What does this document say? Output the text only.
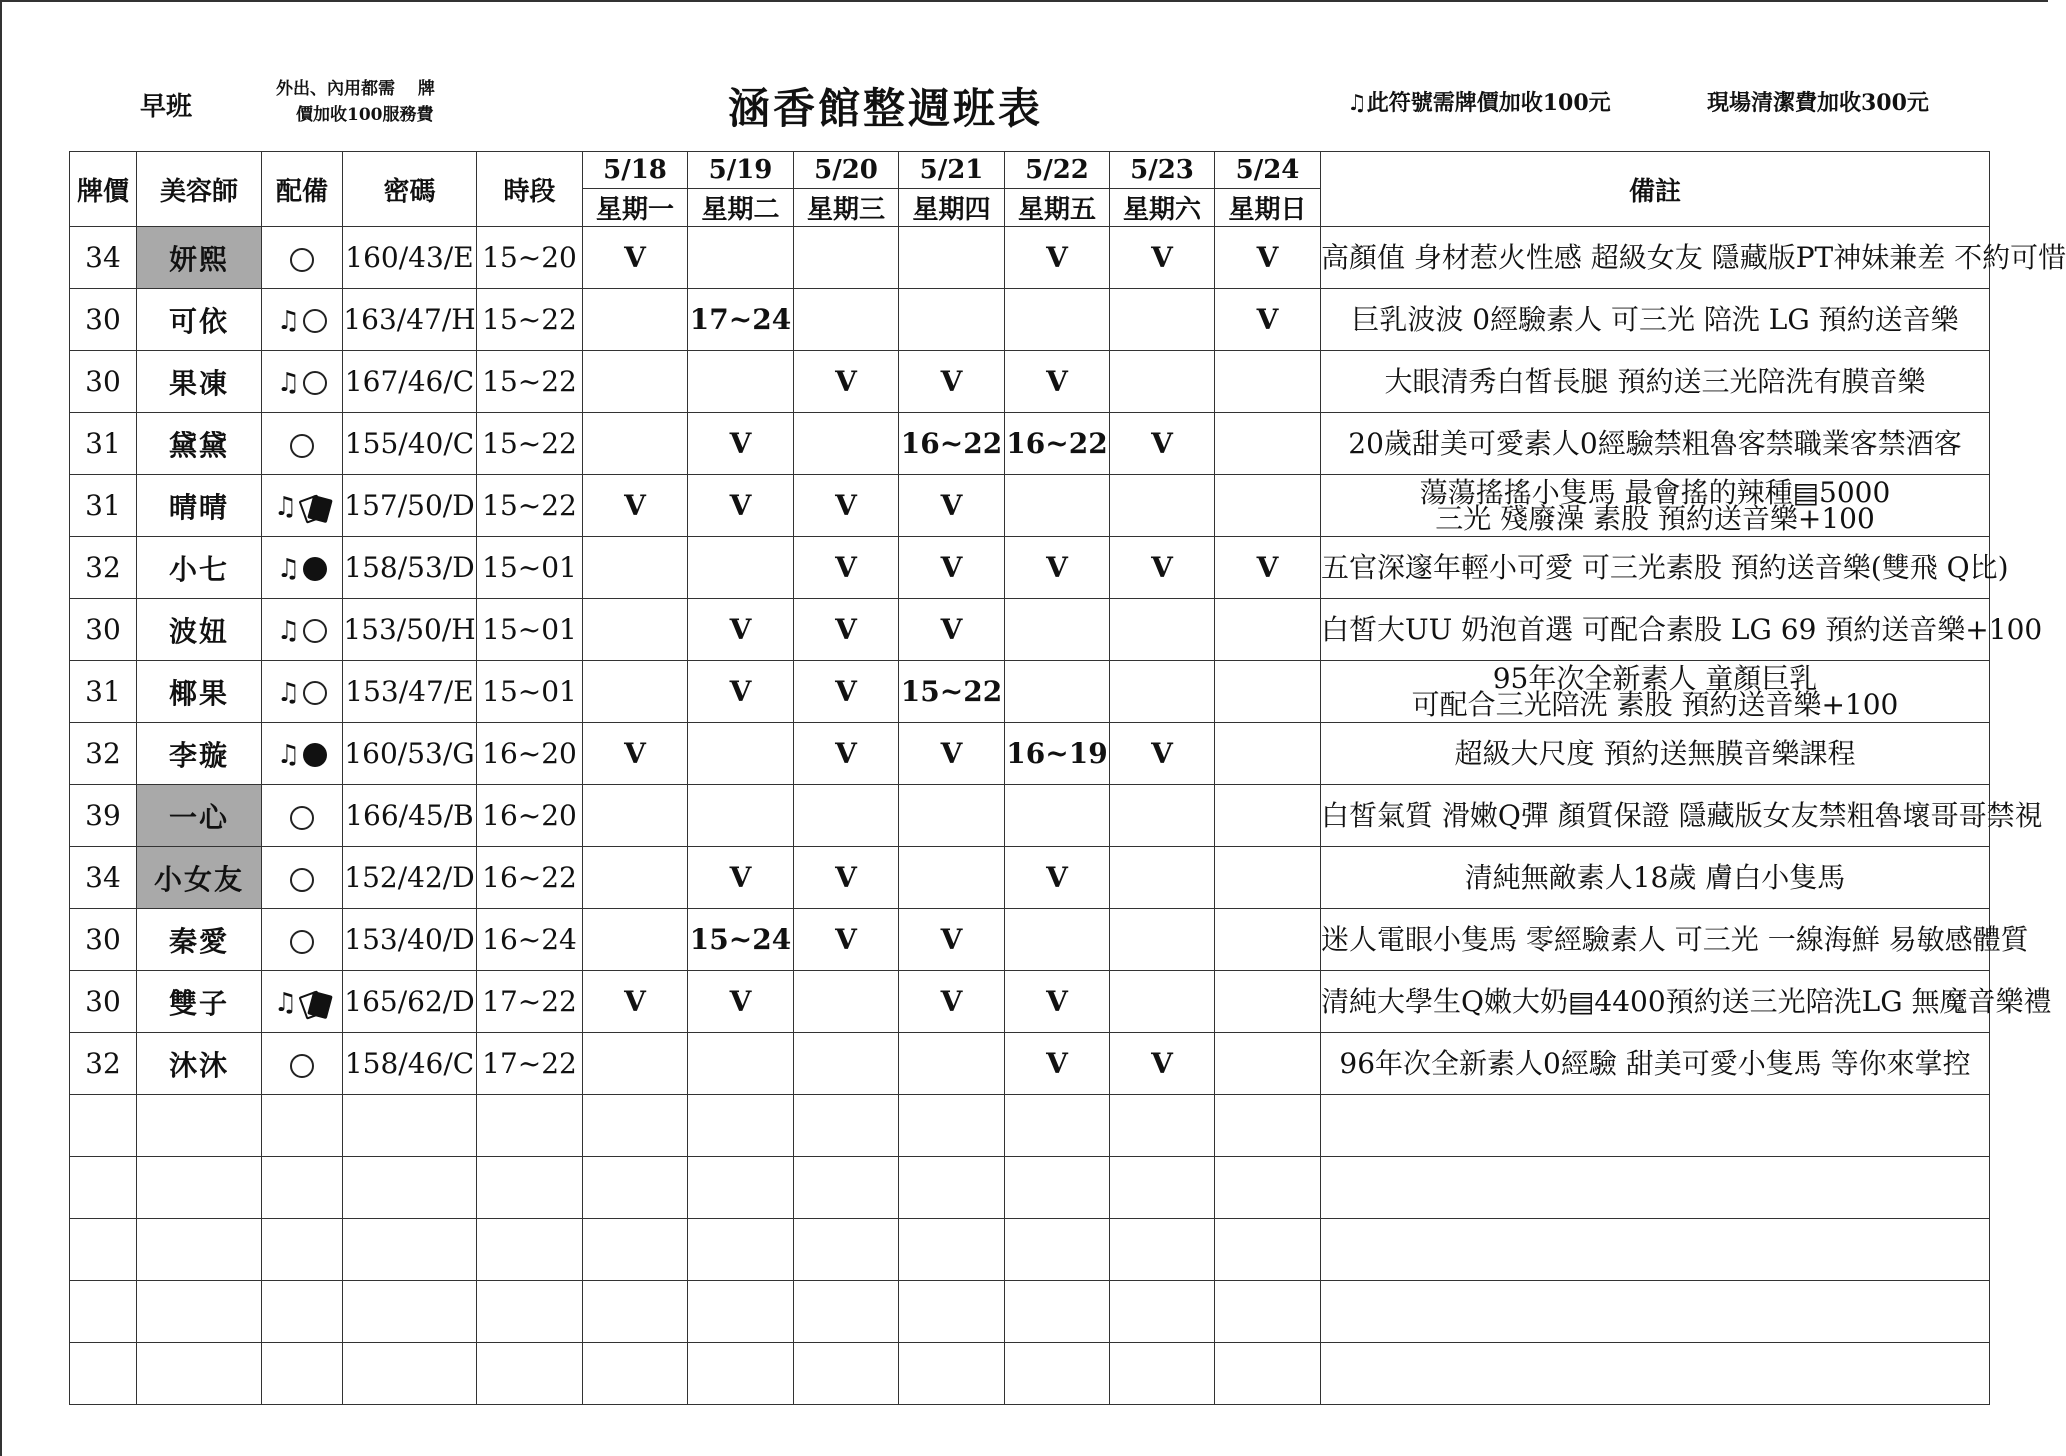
早班
外出、內用都需　 牌
價加收100服務費	涵香館整週班表	♫此符號需牌價加收100元	現場清潔費加收300元
牌價	美容師	配備	密碼	時段	5/18	5/19	5/20	5/21	5/22	5/23	5/24	備註
					星期一	星期二	星期三	星期四	星期五	星期六	星期日	
34	妍熙		160/43/E	15~20	V				V	V	V	高顏值 身材惹火性感 超級女友 隱藏版PT神妹兼差 不約可惜

30	可依	♫	163/47/H	15~22		17~24					V	巨乳波波 0經驗素人 可三光 陪洗 LG 預約送音樂

30	果凍	♫	167/46/C	15~22			V	V	V			大眼清秀白皙長腿 預約送三光陪洗有膜音樂

31	黛黛		155/40/C	15~22		V		16~22	16~22	V		20歲甜美可愛素人0經驗禁粗魯客禁職業客禁酒客

31	晴晴	♫	157/50/D	15~22	V	V	V	V				蕩蕩搖搖小隻馬 最會搖的辣種▤5000
三光 殘廢澡 素股 預約送音樂+100

32	小七	♫	158/53/D	15~01			V	V	V	V	V	五官深邃年輕小可愛 可三光素股 預約送音樂(雙飛 Q比)

30	波妞	♫	153/50/H	15~01		V	V	V				白皙大UU 奶泡首選 可配合素股 LG 69 預約送音樂+100

31	椰果	♫	153/47/E	15~01		V	V	15~22				95年次全新素人 童顏巨乳
可配合三光陪洗 素股 預約送音樂+100

32	李璇	♫	160/53/G	16~20	V		V	V	16~19	V		超級大尺度 預約送無膜音樂課程

39	一心		166/45/B	16~20								白皙氣質 滑嫩Q彈 顏質保證 隱藏版女友禁粗魯壞哥哥禁視

34	小女友		152/42/D	16~22		V	V		V			清純無敵素人18歲 膚白小隻馬

30	秦愛		153/40/D	16~24		15~24	V	V				迷人電眼小隻馬 零經驗素人 可三光 一線海鮮 易敏感體質

30	雙子	♫	165/62/D	17~22	V	V		V	V			清純大學生Q嫩大奶▤4400預約送三光陪洗LG 無魔音樂禮

32	沐沐		158/46/C	17~22					V	V		96年次全新素人0經驗 甜美可愛小隻馬 等你來掌控
